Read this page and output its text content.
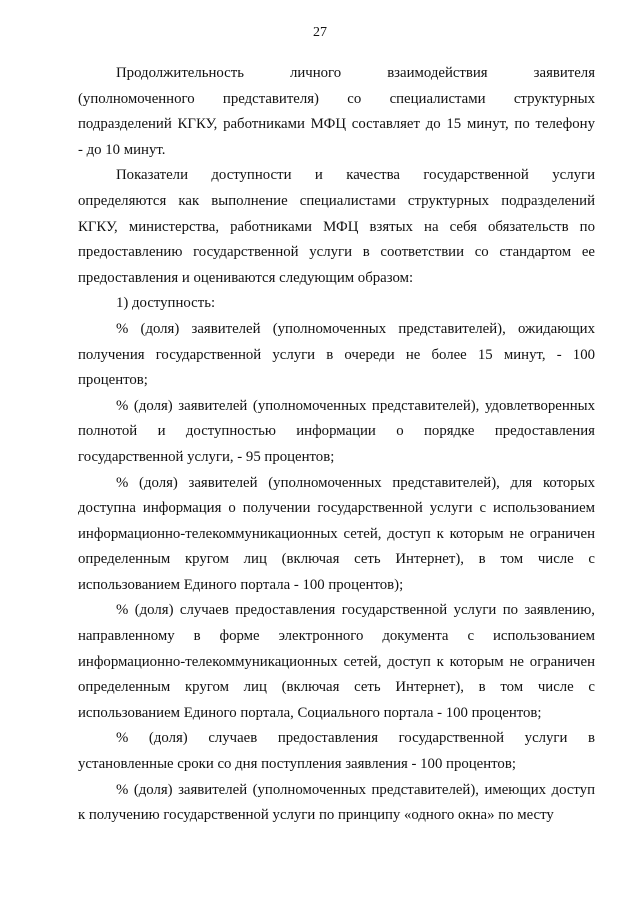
27

Продолжительность личного взаимодействия заявителя
(уполномоченного представителя) со специалистами структурных
подразделений КГКУ, работниками МФЦ составляет до 15 минут, по телефону
- до 10 минут.

Показатели доступности и качества государственной услуги
определяются как выполнение специалистами структурных подразделений
КГКУ, министерства, работниками МФЦ взятых на себя обязательств по
предоставлению государственной услуги в соответствии со стандартом ее
предоставления и оцениваются следующим образом:

1) доступность:

% (доля) заявителей (уполномоченных представителей), ожидающих
получения государственной услуги в очереди не более 15 минут, - 100
процентов;

% (доля) заявителей (уполномоченных представителей), удовлетворенных
полнотой и доступностью информации о порядке предоставления
государственной услуги, - 95 процентов;

% (доля) заявителей (уполномоченных представителей), для которых
доступна информация о получении государственной услуги с использованием
информационно-телекоммуникационных сетей, доступ к которым не ограничен
определенным кругом лиц (включая сеть Интернет), в том числе с
использованием Единого портала - 100 процентов);

% (доля) случаев предоставления государственной услуги по заявлению,
направленному в форме электронного документа с использованием
информационно-телекоммуникационных сетей, доступ к которым не ограничен
определенным кругом лиц (включая сеть Интернет), в том числе с
использованием Единого портала, Социального портала - 100 процентов;

% (доля) случаев предоставления государственной услуги в
установленные сроки со дня поступления заявления - 100 процентов;

% (доля) заявителей (уполномоченных представителей), имеющих доступ
к получению государственной услуги по принципу «одного окна» по месту
